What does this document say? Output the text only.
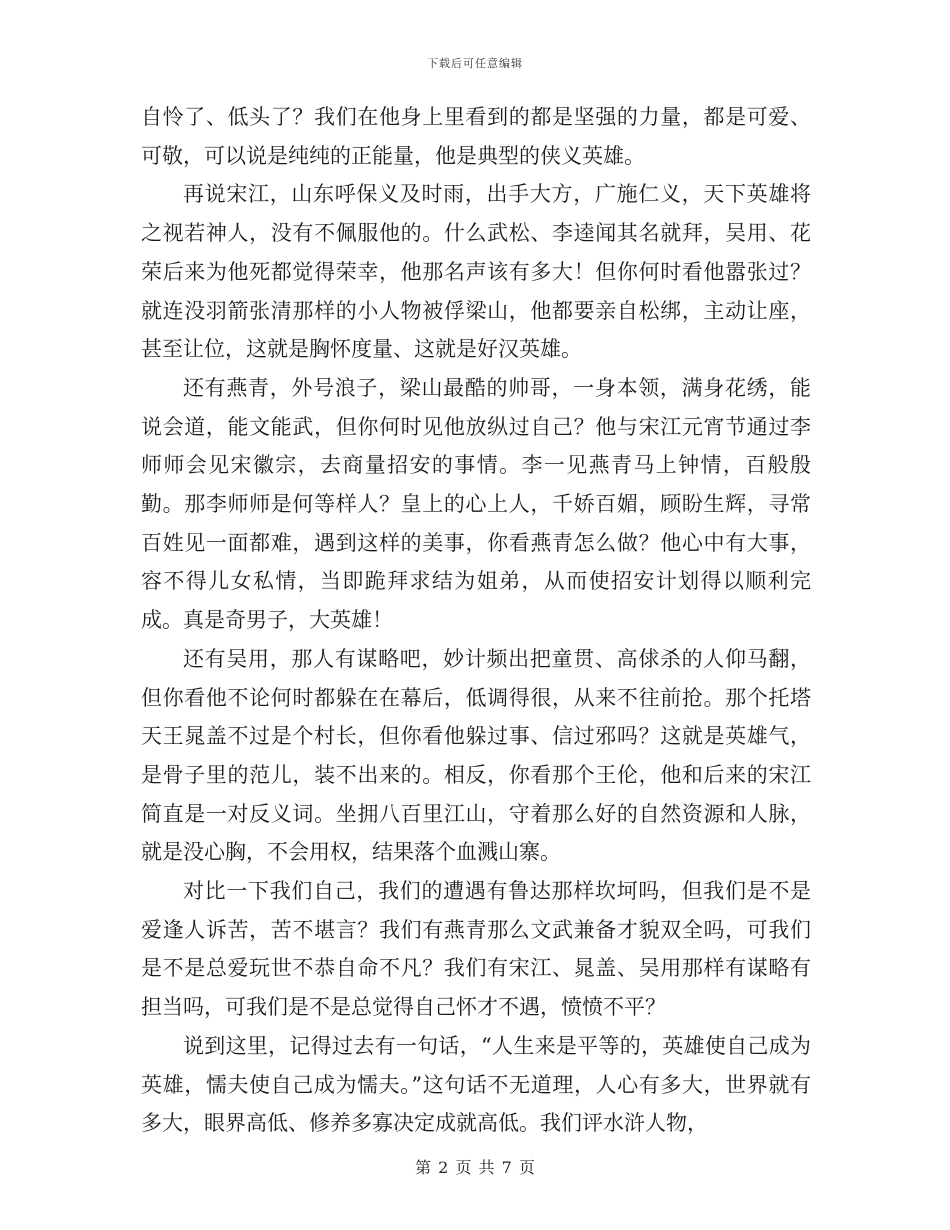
下载后可任意编辑

自怜了、低头了？我们在他身上里看到的都是坚强的力量，都是可爱、可敬，可以说是纯纯的正能量，他是典型的侠义英雄。

再说宋江，山东呼保义及时雨，出手大方，广施仁义，天下英雄将之视若神人，没有不佩服他的。什么武松、李逵闻其名就拜，吴用、花荣后来为他死都觉得荣幸，他那名声该有多大！但你何时看他嚣张过？就连没羽箭张清那样的小人物被俘梁山，他都要亲自松绑，主动让座，甚至让位，这就是胸怀度量、这就是好汉英雄。

还有燕青，外号浪子，梁山最酷的帅哥，一身本领，满身花绣，能说会道，能文能武，但你何时见他放纵过自己？他与宋江元宵节通过李师师会见宋徽宗，去商量招安的事情。李一见燕青马上钟情，百般殷勤。那李师师是何等样人？皇上的心上人，千娇百媚，顾盼生辉，寻常百姓见一面都难，遇到这样的美事，你看燕青怎么做？他心中有大事，容不得儿女私情，当即跪拜求结为姐弟，从而使招安计划得以顺利完成。真是奇男子，大英雄！

还有吴用，那人有谋略吧，妙计频出把童贯、高俅杀的人仰马翻，但你看他不论何时都躲在在幕后，低调得很，从来不往前抢。那个托塔天王晁盖不过是个村长，但你看他躲过事、信过邪吗？这就是英雄气，是骨子里的范儿，装不出来的。相反，你看那个王伦，他和后来的宋江简直是一对反义词。坐拥八百里江山，守着那么好的自然资源和人脉，就是没心胸，不会用权，结果落个血溅山寨。

对比一下我们自己，我们的遭遇有鲁达那样坎坷吗，但我们是不是爱逢人诉苦，苦不堪言？我们有燕青那么文武兼备才貌双全吗，可我们是不是总爱玩世不恭自命不凡？我们有宋江、晁盖、吴用那样有谋略有担当吗，可我们是不是总觉得自己怀才不遇，愤愤不平？

说到这里，记得过去有一句话，“人生来是平等的，英雄使自己成为英雄，懦夫使自己成为懦夫。”这句话不无道理，人心有多大，世界就有多大，眼界高低、修养多寡决定成就高低。我们评水浒人物，

第 2 页 共 7 页
